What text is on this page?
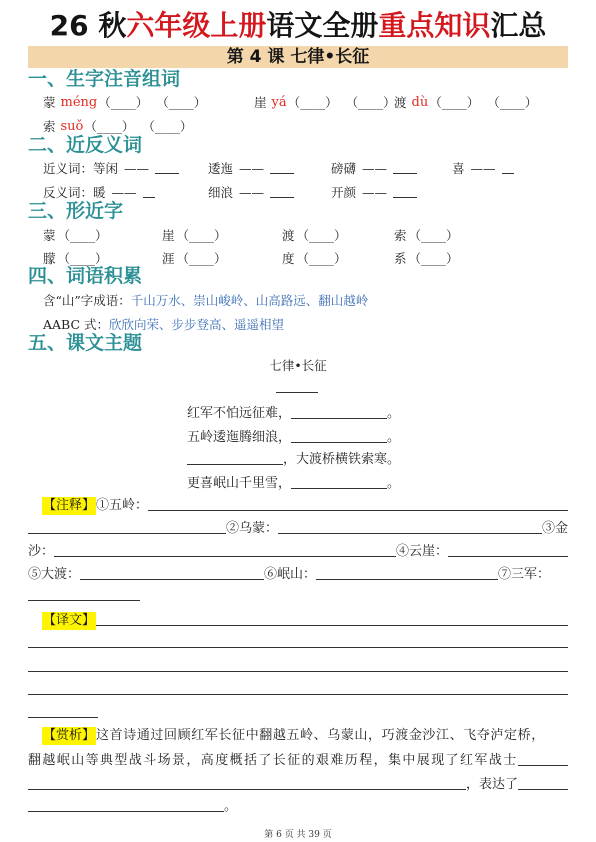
26 秋六年级上册语文全册重点知识汇总
第 4 课 七律•长征
一、生字注音组词
蒙 méng （____） （____）	崖 yá （____） （____）
渡 dù （____） （____）
索 suǒ （____） （____）
二、近反义词
近义词： 等闲 ——	逶迤 ——	磅礴 ——	喜 ——
反义词： 暖 ——	细浪 ——	开颜 ——
三、形近字
蒙 （____）	崖 （____）	渡 （____）	索 （____）
朦 （____）	涯 （____）	度 （____）	系 （____）
四、词语积累
含“山”字成语： 千山万水、崇山峻岭、山高路远、翻山越岭
AABC 式： 欣欣向荣、步步登高、遥遥相望
五、课文主题
七律•长征
红军不怕远征难，	。
五岭逶迤腾细浪，	。
，大渡桥横铁索寒。
更喜岷山千里雪，	。
【注释】 ①五岭：
②乌蒙：	③金
沙：	④云崖：
⑤大渡：	⑥岷山：	⑦三军：
【译文】
【赏析】 这首诗通过回顾红军长征中翻越五岭、乌蒙山，巧渡金沙江、飞夺泸定桥，
翻越岷山等典型战斗场景，高度概括了长征的艰难历程，集中展现了红军战士
，表达了
。
第 6 页 共 39 页
